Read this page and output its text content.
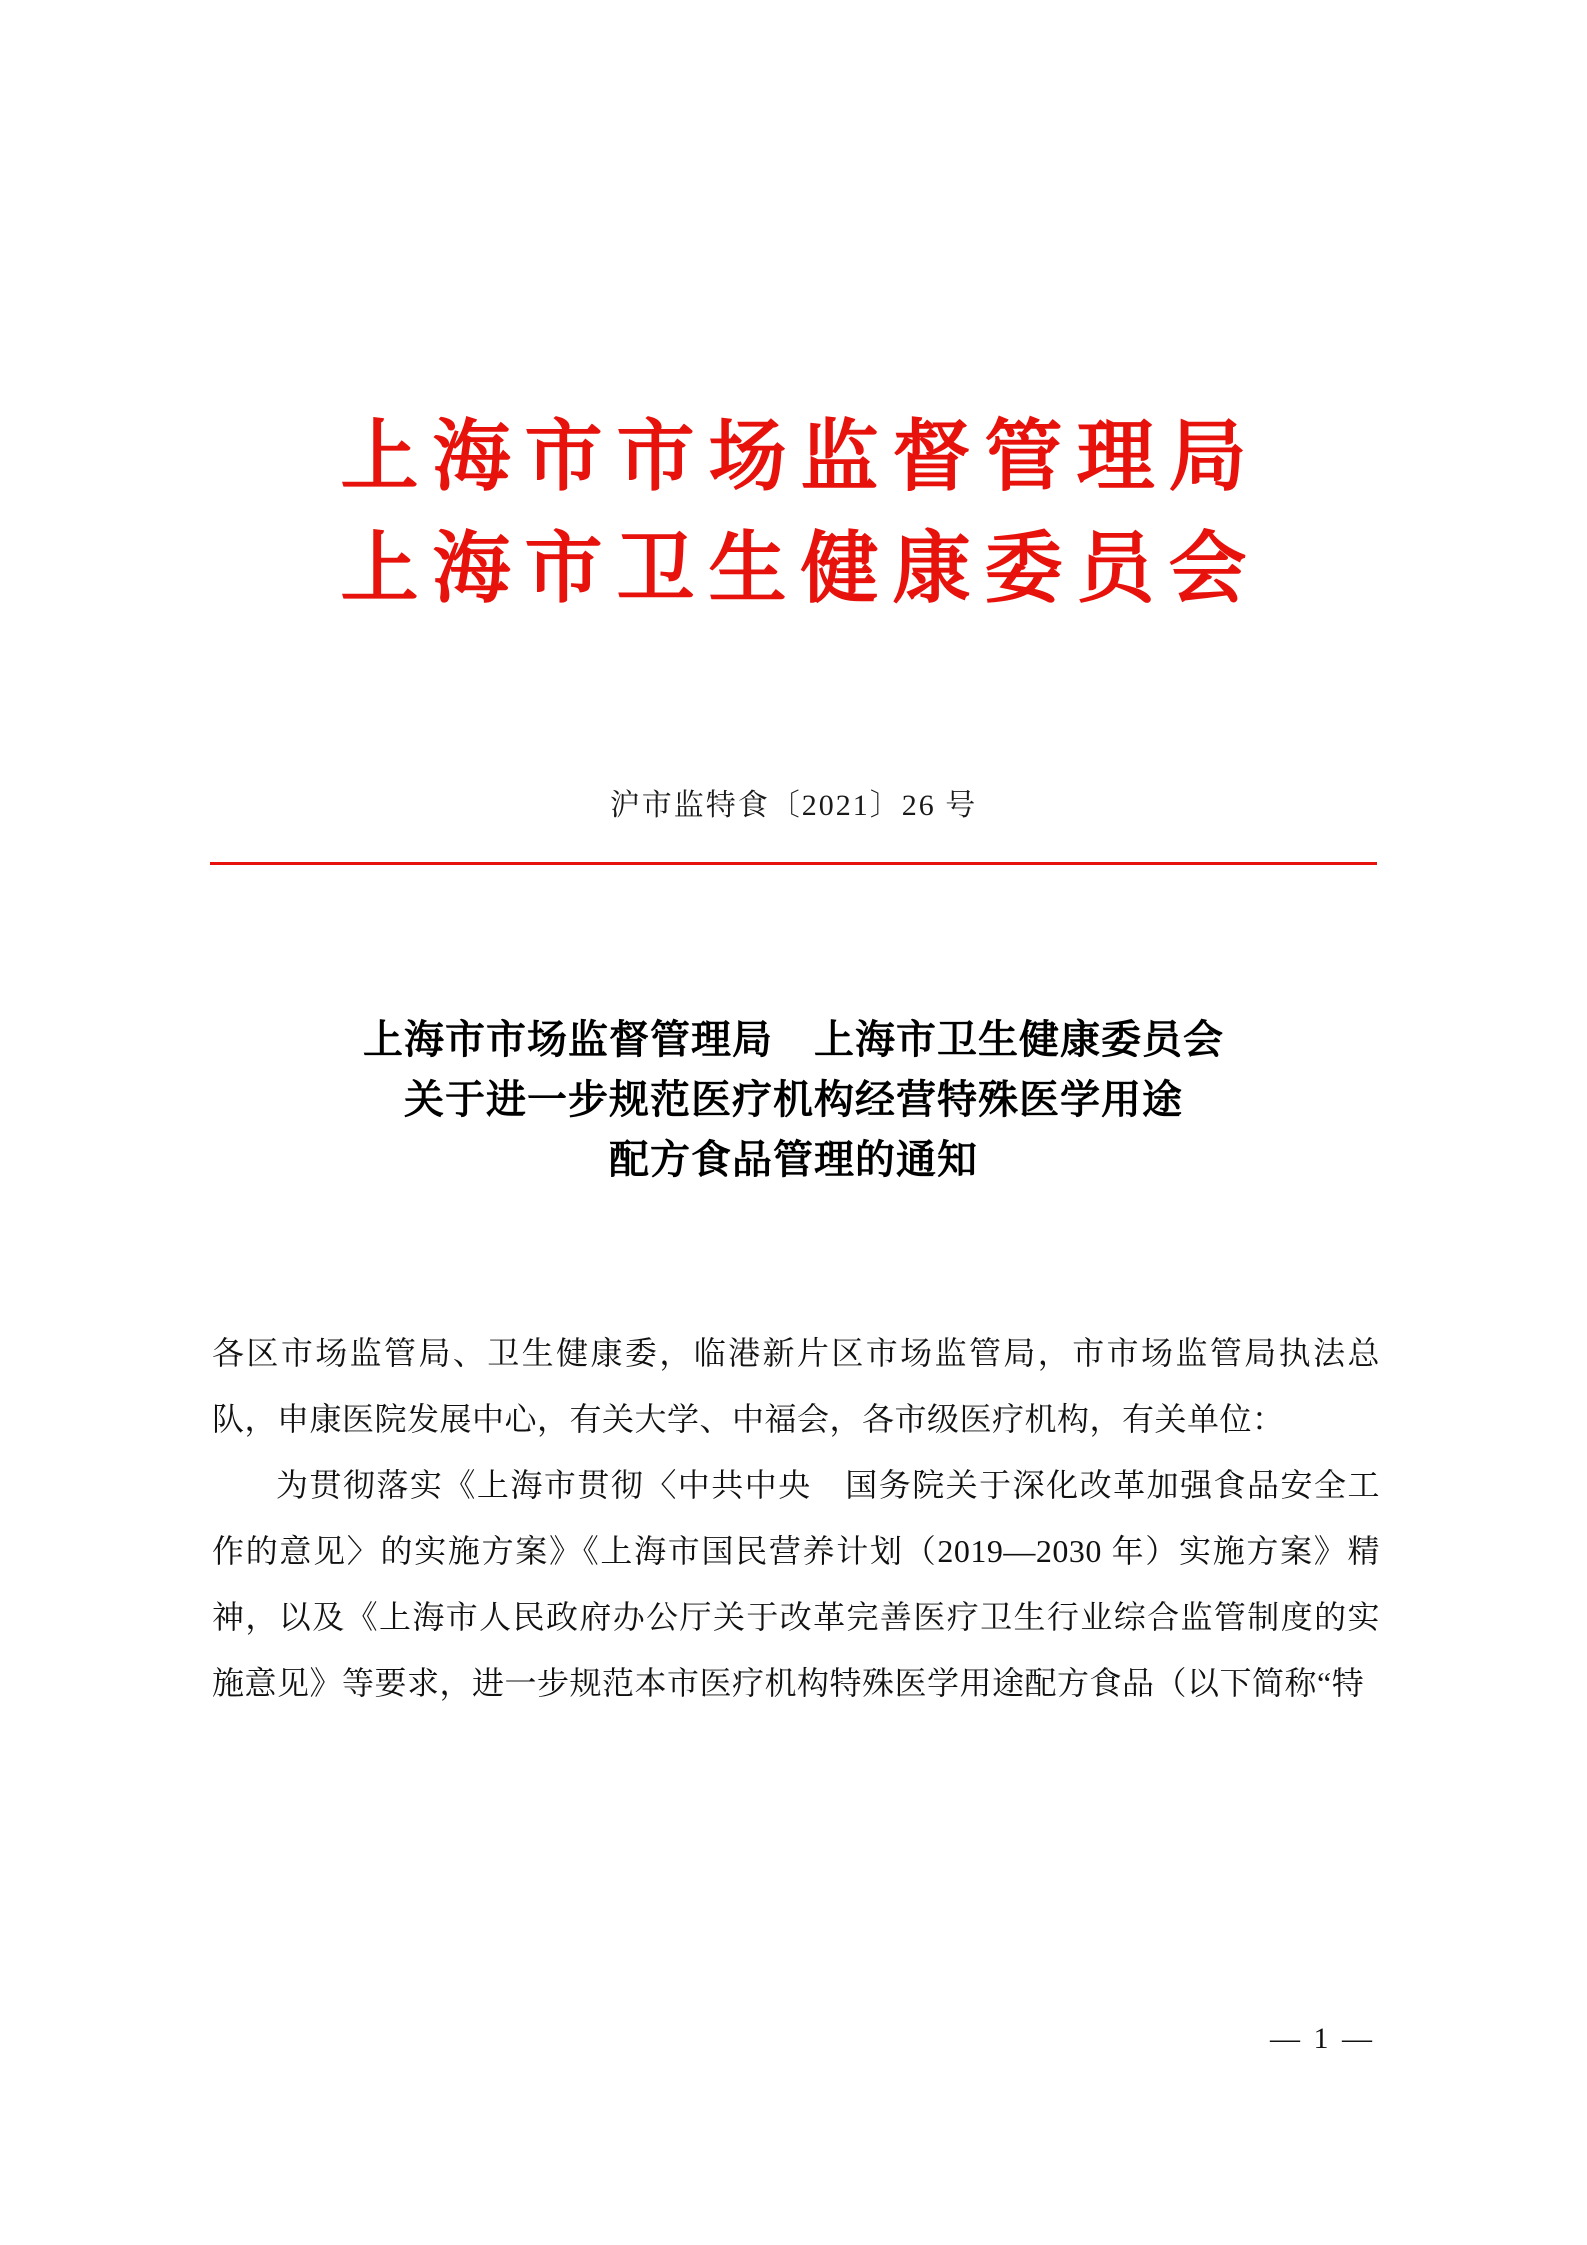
上海市市场监督管理局
上海市卫生健康委员会
沪市监特食〔2021〕26 号
上海市市场监督管理局　上海市卫生健康委员会
关于进一步规范医疗机构经营特殊医学用途
配方食品管理的通知

各区市场监管局、卫生健康委，临港新片区市场监管局，市市场监管局执法总队，申康医院发展中心，有关大学、中福会，各市级医疗机构，有关单位：

为贯彻落实《上海市贯彻〈中共中央　国务院关于深化改革加强食品安全工作的意见〉的实施方案》《上海市国民营养计划（2019—2030 年）实施方案》精神，以及《上海市人民政府办公厅关于改革完善医疗卫生行业综合监管制度的实施意见》等要求，进一步规范本市医疗机构特殊医学用途配方食品（以下简称“特

— 1 —
